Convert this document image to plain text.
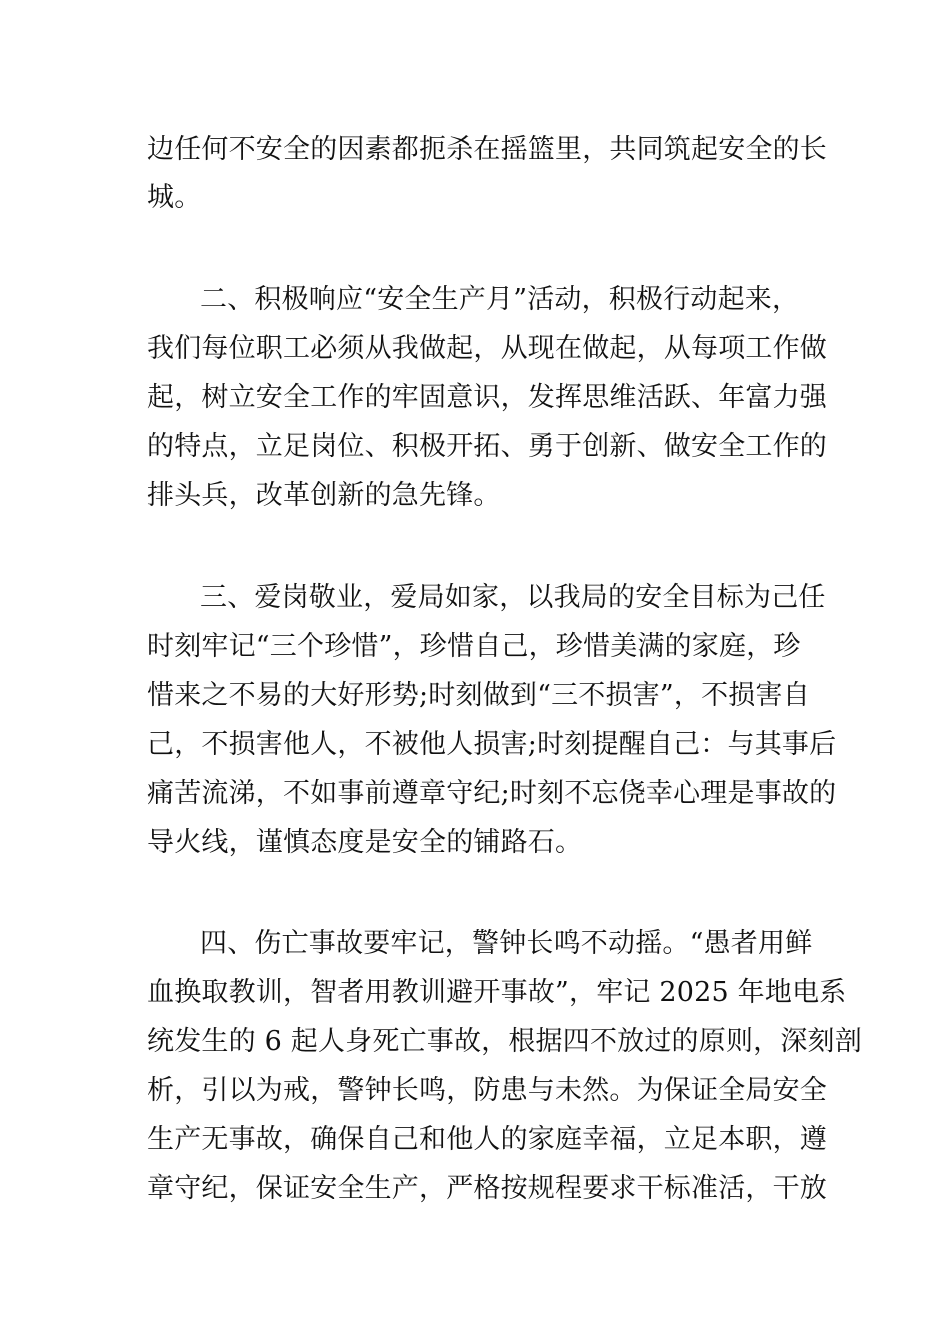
边任何不安全的因素都扼杀在摇篮里，共同筑起安全的长
城。
二、积极响应“安全生产月”活动，积极行动起来，
我们每位职工必须从我做起，从现在做起，从每项工作做
起，树立安全工作的牢固意识，发挥思维活跃、年富力强
的特点，立足岗位、积极开拓、勇于创新、做安全工作的
排头兵，改革创新的急先锋。
三、爱岗敬业，爱局如家，以我局的安全目标为己任
时刻牢记“三个珍惜”，珍惜自己，珍惜美满的家庭，珍
惜来之不易的大好形势;时刻做到“三不损害”，不损害自
己，不损害他人，不被他人损害;时刻提醒自己：与其事后
痛苦流涕，不如事前遵章守纪;时刻不忘侥幸心理是事故的
导火线，谨慎态度是安全的铺路石。
四、伤亡事故要牢记，警钟长鸣不动摇。“愚者用鲜
血换取教训，智者用教训避开事故”，牢记 2025 年地电系
统发生的 6 起人身死亡事故，根据四不放过的原则，深刻剖
析，引以为戒，警钟长鸣，防患与未然。为保证全局安全
生产无事故，确保自己和他人的家庭幸福，立足本职，遵
章守纪，保证安全生产，严格按规程要求干标准活，干放
